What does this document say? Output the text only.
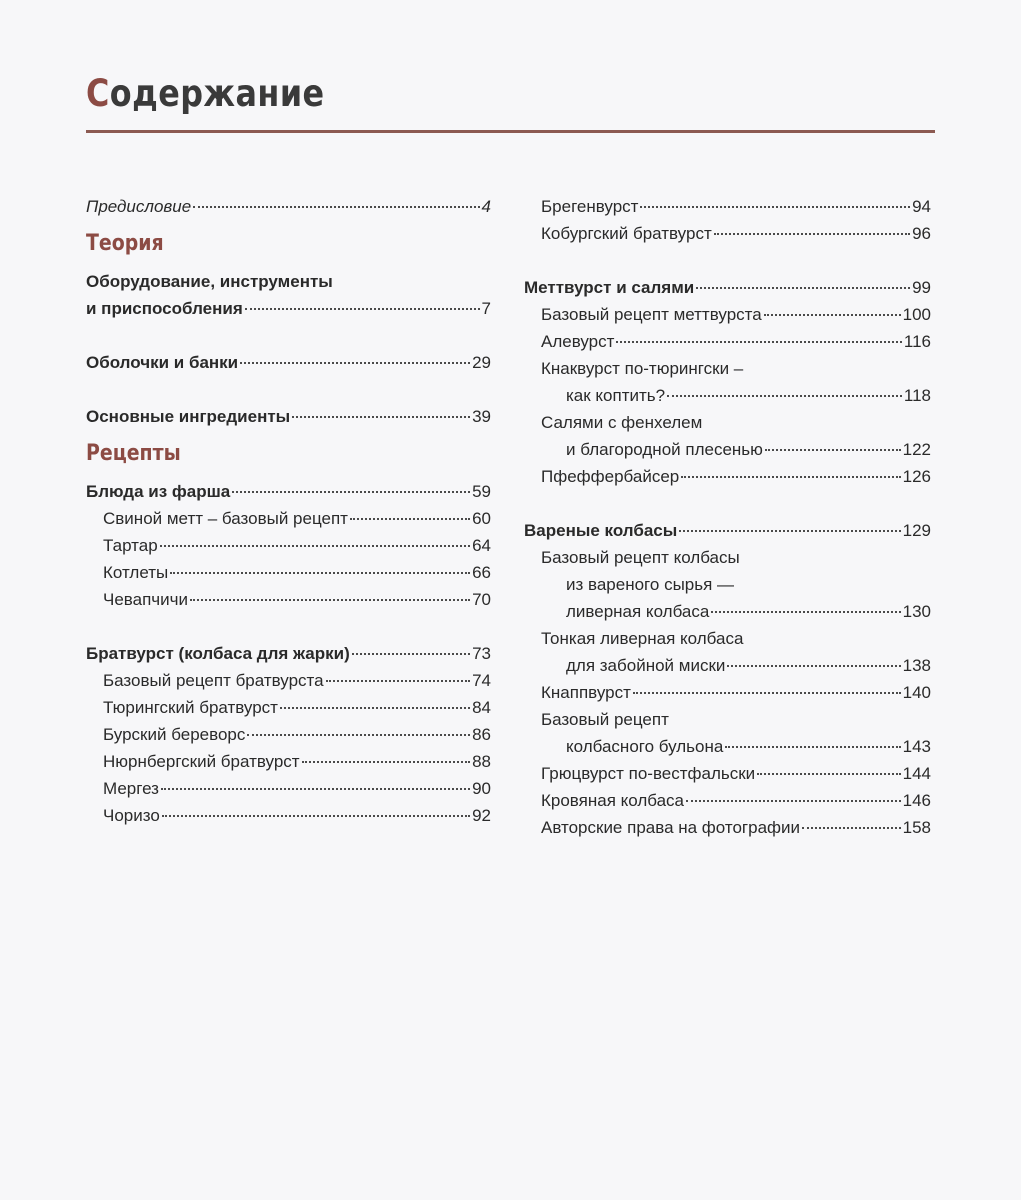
Содержание
Предисловие	4
Теория
Оборудование, инструменты
и приспособления	7
Оболочки и банки	29
Основные ингредиенты	39
Рецепты
Блюда из фарша	59
Свиной метт – базовый рецепт	60
Тартар	64
Котлеты	66
Чевапчичи	70
Братвурст (колбаса для жарки)	73
Базовый рецепт братвурста	74
Тюрингский братвурст	84
Бурский береворс	86
Нюрнбергский братвурст	88
Мергез	90
Чоризо	92
Брегенвурст	94
Кобургский братвурст	96
Меттвурст и салями	99
Базовый рецепт меттвурста	100
Алевурст	116
Кнаквурст по-тюрингски –
как коптить?	118
Салями с фенхелем
и благородной плесенью	122
Пфеффербайсер	126
Вареные колбасы	129
Базовый рецепт колбасы
из вареного сырья —
ливерная колбаса	130
Тонкая ливерная колбаса
для забойной миски	138
Кнаппвурст	140
Базовый рецепт
колбасного бульона	143
Грюцвурст по-вестфальски	144
Кровяная колбаса	146
Авторские права на фотографии	158
